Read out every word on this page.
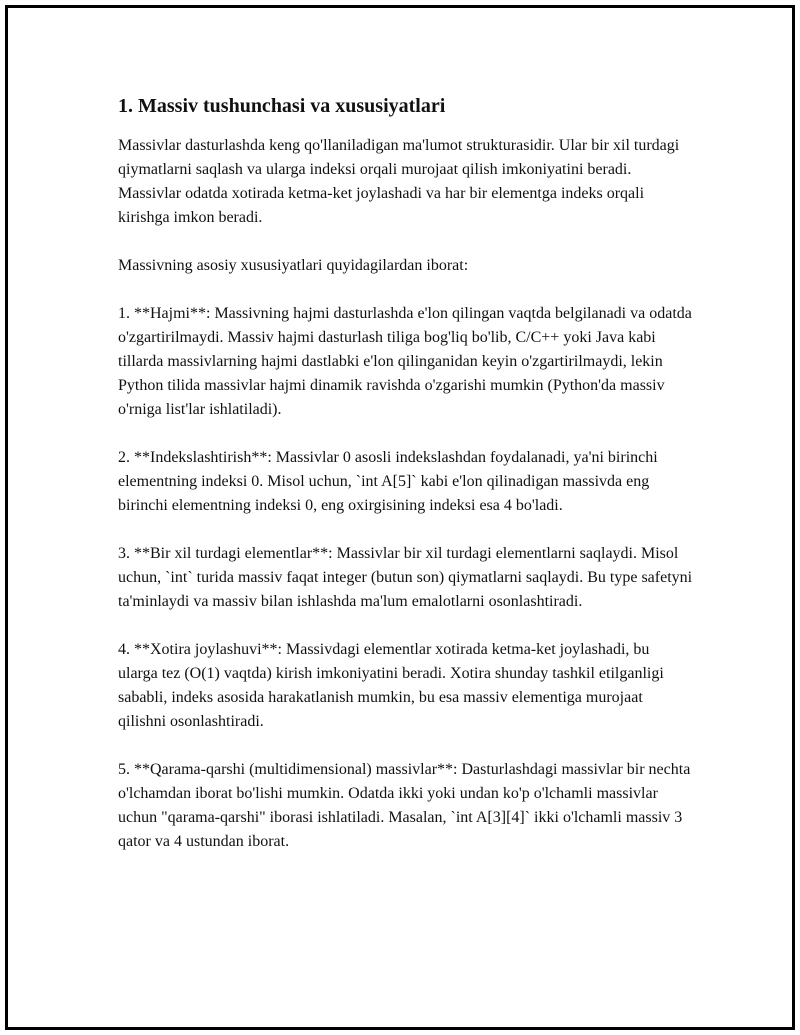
1. Massiv tushunchasi va xususiyatlari

Massivlar dasturlashda keng qo'llaniladigan ma'lumot strukturasidir. Ular bir xil turdagi qiymatlarni saqlash va ularga indeksi orqali murojaat qilish imkoniyatini beradi. Massivlar odatda xotirada ketma-ket joylashadi va har bir elementga indeks orqali kirishga imkon beradi.

Massivning asosiy xususiyatlari quyidagilardan iborat:

1. **Hajmi**: Massivning hajmi dasturlashda e'lon qilingan vaqtda belgilanadi va odatda o'zgartirilmaydi. Massiv hajmi dasturlash tiliga bog'liq bo'lib, C/C++ yoki Java kabi tillarda massivlarning hajmi dastlabki e'lon qilinganidan keyin o'zgartirilmaydi, lekin Python tilida massivlar hajmi dinamik ravishda o'zgarishi mumkin (Python'da massiv o'rniga list'lar ishlatiladi).

2. **Indekslashtirish**: Massivlar 0 asosli indekslashdan foydalanadi, ya'ni birinchi elementning indeksi 0. Misol uchun, `int A[5]` kabi e'lon qilinadigan massivda eng birinchi elementning indeksi 0, eng oxirgisining indeksi esa 4 bo'ladi.

3. **Bir xil turdagi elementlar**: Massivlar bir xil turdagi elementlarni saqlaydi. Misol uchun, `int` turida massiv faqat integer (butun son) qiymatlarni saqlaydi. Bu type safetyni ta'minlaydi va massiv bilan ishlashda ma'lum emalotlarni osonlashtiradi.

4. **Xotira joylashuvi**: Massivdagi elementlar xotirada ketma-ket joylashadi, bu ularga tez (O(1) vaqtda) kirish imkoniyatini beradi. Xotira shunday tashkil etilganligi sababli, indeks asosida harakatlanish mumkin, bu esa massiv elementiga murojaat qilishni osonlashtiradi.

5. **Qarama-qarshi (multidimensional) massivlar**: Dasturlashdagi massivlar bir nechta o'lchamdan iborat bo'lishi mumkin. Odatda ikki yoki undan ko'p o'lchamli massivlar uchun "qarama-qarshi" iborasi ishlatiladi. Masalan, `int A[3][4]` ikki o'lchamli massiv 3 qator va 4 ustundan iborat.
